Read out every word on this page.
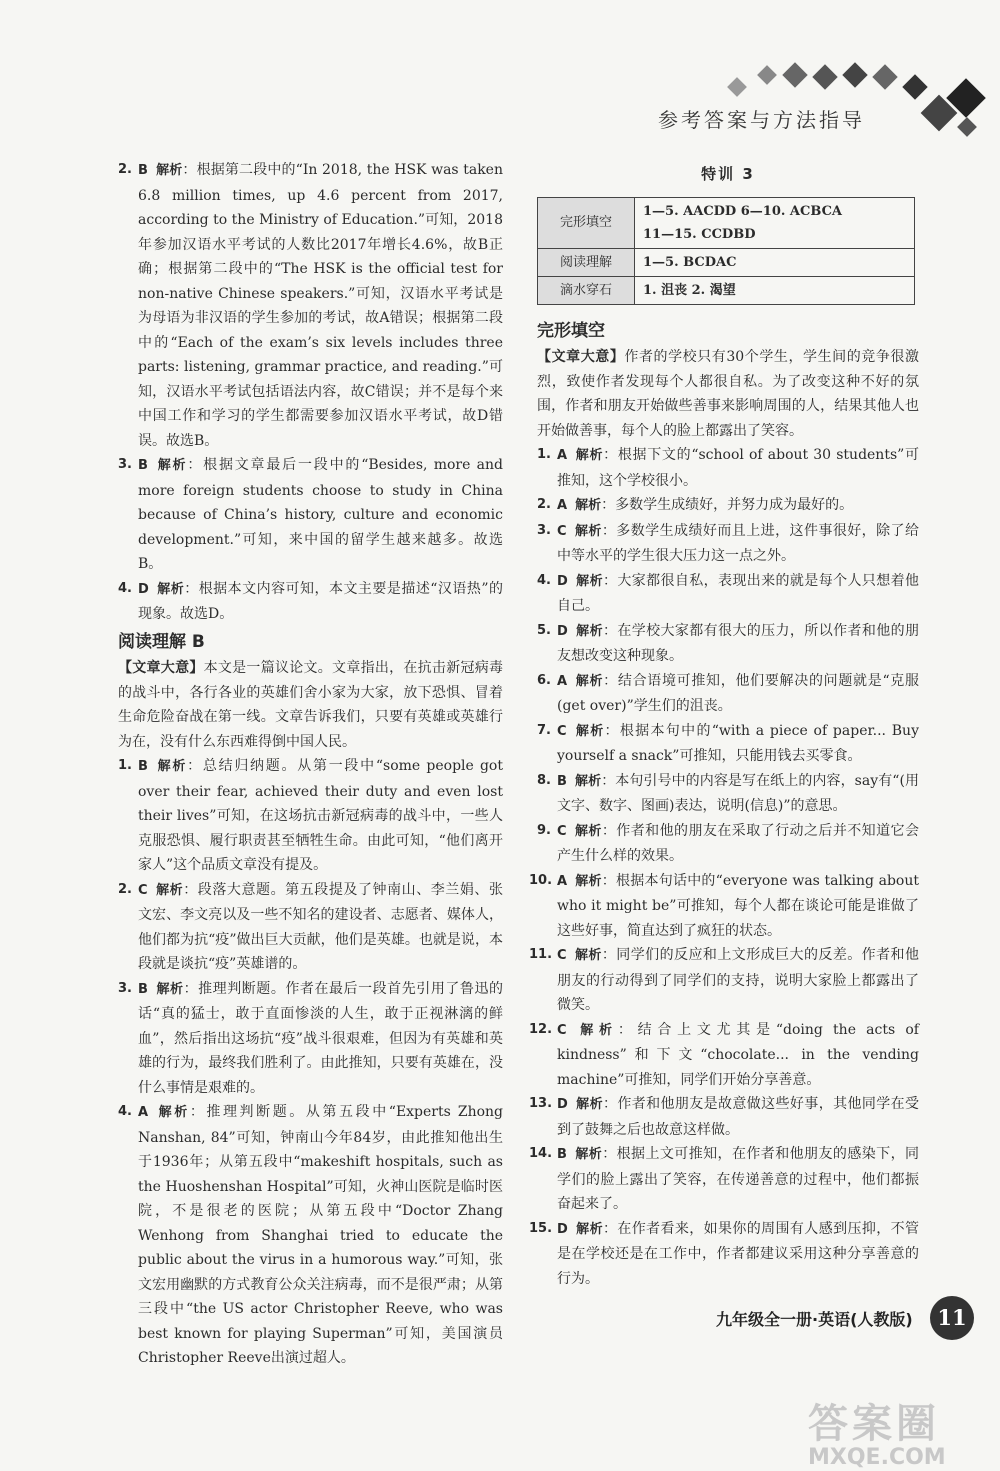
参考答案与方法指导
2. B 解析：根据第二段中的“In 2018, the HSK was taken 6.8 million times, up 4.6 percent from 2017, according to the Ministry of Education.”可知，2018年参加汉语水平考试的人数比2017年增长4.6%，故B正确；根据第二段中的“The HSK is the official test for non-native Chinese speakers.”可知，汉语水平考试是为母语为非汉语的学生参加的考试，故A错误；根据第二段中的“Each of the exam’s six levels includes three parts: listening, grammar practice, and reading.”可知，汉语水平考试包括语法内容，故C错误；并不是每个来中国工作和学习的学生都需要参加汉语水平考试，故D错误。故选B。
3. B 解析：根据文章最后一段中的“Besides, more and more foreign students choose to study in China because of China’s history, culture and economic development.”可知，来中国的留学生越来越多。故选B。
4. D 解析：根据本文内容可知，本文主要是描述“汉语热”的现象。故选D。
阅读理解 B
【文章大意】本文是一篇议论文。文章指出，在抗击新冠病毒的战斗中，各行各业的英雄们舍小家为大家，放下恐惧、冒着生命危险奋战在第一线。文章告诉我们，只要有英雄或英雄行为在，没有什么东西难得倒中国人民。
1. B 解析：总结归纳题。从第一段中“some people got over their fear, achieved their duty and even lost their lives”可知，在这场抗击新冠病毒的战斗中，一些人克服恐惧、履行职责甚至牺牲生命。由此可知，“他们离开家人”这个品质文章没有提及。
2. C 解析：段落大意题。第五段提及了钟南山、李兰娟、张文宏、李文亮以及一些不知名的建设者、志愿者、媒体人，他们都为抗“疫”做出巨大贡献，他们是英雄。也就是说，本段就是谈抗“疫”英雄谱的。
3. B 解析：推理判断题。作者在最后一段首先引用了鲁迅的话“真的猛士，敢于直面惨淡的人生，敢于正视淋漓的鲜血”，然后指出这场抗“疫”战斗很艰难，但因为有英雄和英雄的行为，最终我们胜利了。由此推知，只要有英雄在，没什么事情是艰难的。
4. A 解析：推理判断题。从第五段中“Experts Zhong Nanshan, 84”可知，钟南山今年84岁，由此推知他出生于1936年；从第五段中“makeshift hospitals, such as the Huoshenshan Hospital”可知，火神山医院是临时医院，不是很老的医院；从第五段中“Doctor Zhang Wenhong from Shanghai tried to educate the public about the virus in a humorous way.”可知，张文宏用幽默的方式教育公众关注病毒，而不是很严肃；从第三段中“the US actor Christopher Reeve, who was best known for playing Superman”可知，美国演员Christopher Reeve出演过超人。
特训 3
完形填空	1—5. AACDD 6—10. ACBCA
11—15. CCDBD
阅读理解	1—5. BCDAC
滴水穿石	1. 沮丧 2. 渴望
完形填空
【文章大意】作者的学校只有30个学生，学生间的竞争很激烈，致使作者发现每个人都很自私。为了改变这种不好的氛围，作者和朋友开始做些善事来影响周围的人，结果其他人也开始做善事，每个人的脸上都露出了笑容。
1. A 解析：根据下文的“school of about 30 students”可推知，这个学校很小。
2. A 解析：多数学生成绩好，并努力成为最好的。
3. C 解析：多数学生成绩好而且上进，这件事很好，除了给中等水平的学生很大压力这一点之外。
4. D 解析：大家都很自私，表现出来的就是每个人只想着他自己。
5. D 解析：在学校大家都有很大的压力，所以作者和他的朋友想改变这种现象。
6. A 解析：结合语境可推知，他们要解决的问题就是“克服(get over)”学生们的沮丧。
7. C 解析：根据本句中的“with a piece of paper... Buy yourself a snack”可推知，只能用钱去买零食。
8. B 解析：本句引号中的内容是写在纸上的内容，say有“(用文字、数字、图画)表达，说明(信息)”的意思。
9. C 解析：作者和他的朋友在采取了行动之后并不知道它会产生什么样的效果。
10. A 解析：根据本句话中的“everyone was talking about who it might be”可推知，每个人都在谈论可能是谁做了这些好事，简直达到了疯狂的状态。
11. C 解析：同学们的反应和上文形成巨大的反差。作者和他朋友的行动得到了同学们的支持，说明大家脸上都露出了微笑。
12. C 解析：结合上文尤其是“doing the acts of kindness”和下文“chocolate... in the vending machine”可推知，同学们开始分享善意。
13. D 解析：作者和他朋友是故意做这些好事，其他同学在受到了鼓舞之后也故意这样做。
14. B 解析：根据上文可推知，在作者和他朋友的感染下，同学们的脸上露出了笑容，在传递善意的过程中，他们都振奋起来了。
15. D 解析：在作者看来，如果你的周围有人感到压抑，不管是在学校还是在工作中，作者都建议采用这种分享善意的行为。
九年级全一册·英语(人教版)	11
答案圈
MXQE.COM
